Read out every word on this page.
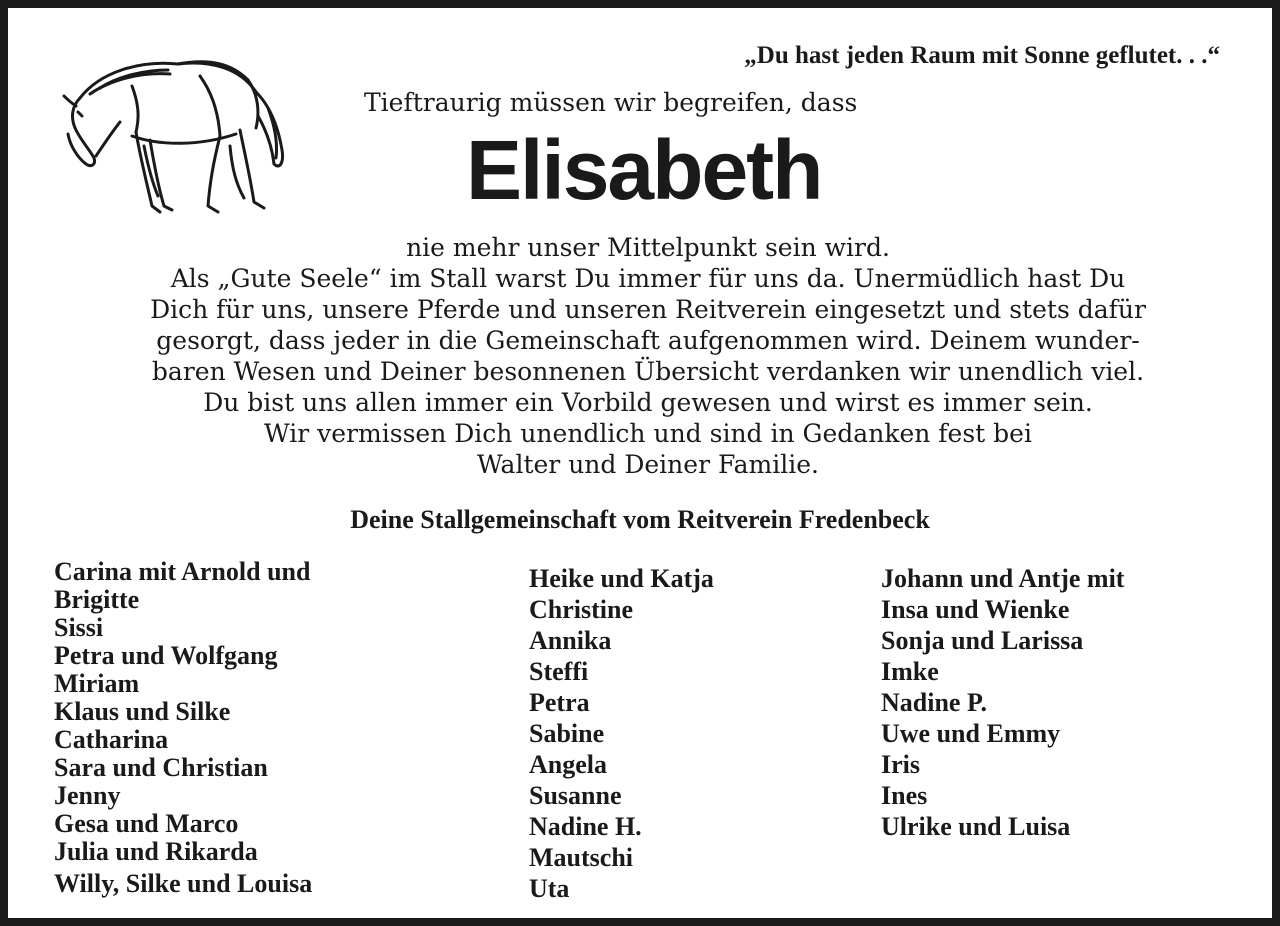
„Du hast jeden Raum mit Sonne geflutet. . .“
Tieftraurig müssen wir begreifen, dass
Elisabeth
nie mehr unser Mittelpunkt sein wird.
Als „Gute Seele“ im Stall warst Du immer für uns da. Unermüdlich hast Du
Dich für uns, unsere Pferde und unseren Reitverein eingesetzt und stets dafür
gesorgt, dass jeder in die Gemeinschaft aufgenommen wird. Deinem wunder-
baren Wesen und Deiner besonnenen Übersicht verdanken wir unendlich viel.
Du bist uns allen immer ein Vorbild gewesen und wirst es immer sein.
Wir vermissen Dich unendlich und sind in Gedanken fest bei
Walter und Deiner Familie.
Deine Stallgemeinschaft vom Reitverein Fredenbeck
Carina mit Arnold und
Brigitte
Sissi
Petra und Wolfgang
Miriam
Klaus und Silke
Catharina
Sara und Christian
Jenny
Gesa und Marco
Julia und Rikarda
Willy, Silke und Louisa
Heike und Katja
Christine
Annika
Steffi
Petra
Sabine
Angela
Susanne
Nadine H.
Mautschi
Uta
Johann und Antje mit
Insa und Wienke
Sonja und Larissa
Imke
Nadine P.
Uwe und Emmy
Iris
Ines
Ulrike und Luisa
